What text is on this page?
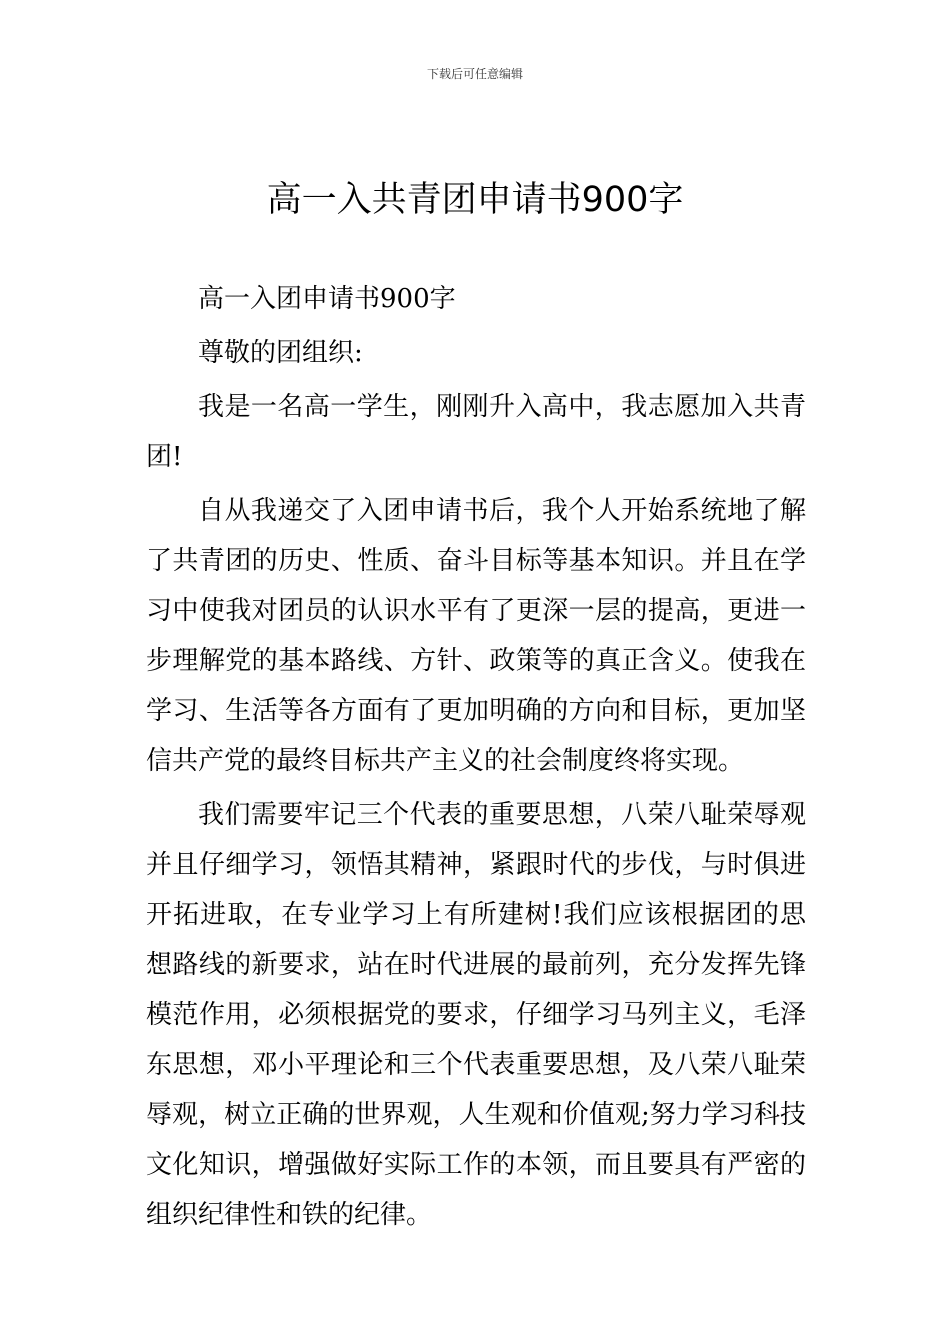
下载后可任意编辑
高一入共青团申请书900字

高一入团申请书900字

尊敬的团组织:

我是一名高一学生，刚刚升入高中，我志愿加入共青团!

自从我递交了入团申请书后，我个人开始系统地了解了共青团的历史、性质、奋斗目标等基本知识。并且在学习中使我对团员的认识水平有了更深一层的提高，更进一步理解党的基本路线、方针、政策等的真正含义。使我在学习、生活等各方面有了更加明确的方向和目标，更加坚信共产党的最终目标共产主义的社会制度终将实现。

我们需要牢记三个代表的重要思想，八荣八耻荣辱观并且仔细学习，领悟其精神，紧跟时代的步伐，与时俱进开拓进取，在专业学习上有所建树!我们应该根据团的思想路线的新要求，站在时代进展的最前列，充分发挥先锋模范作用，必须根据党的要求，仔细学习马列主义，毛泽东思想，邓小平理论和三个代表重要思想，及八荣八耻荣辱观，树立正确的世界观，人生观和价值观;努力学习科技文化知识，增强做好实际工作的本领，而且要具有严密的组织纪律性和铁的纪律。
